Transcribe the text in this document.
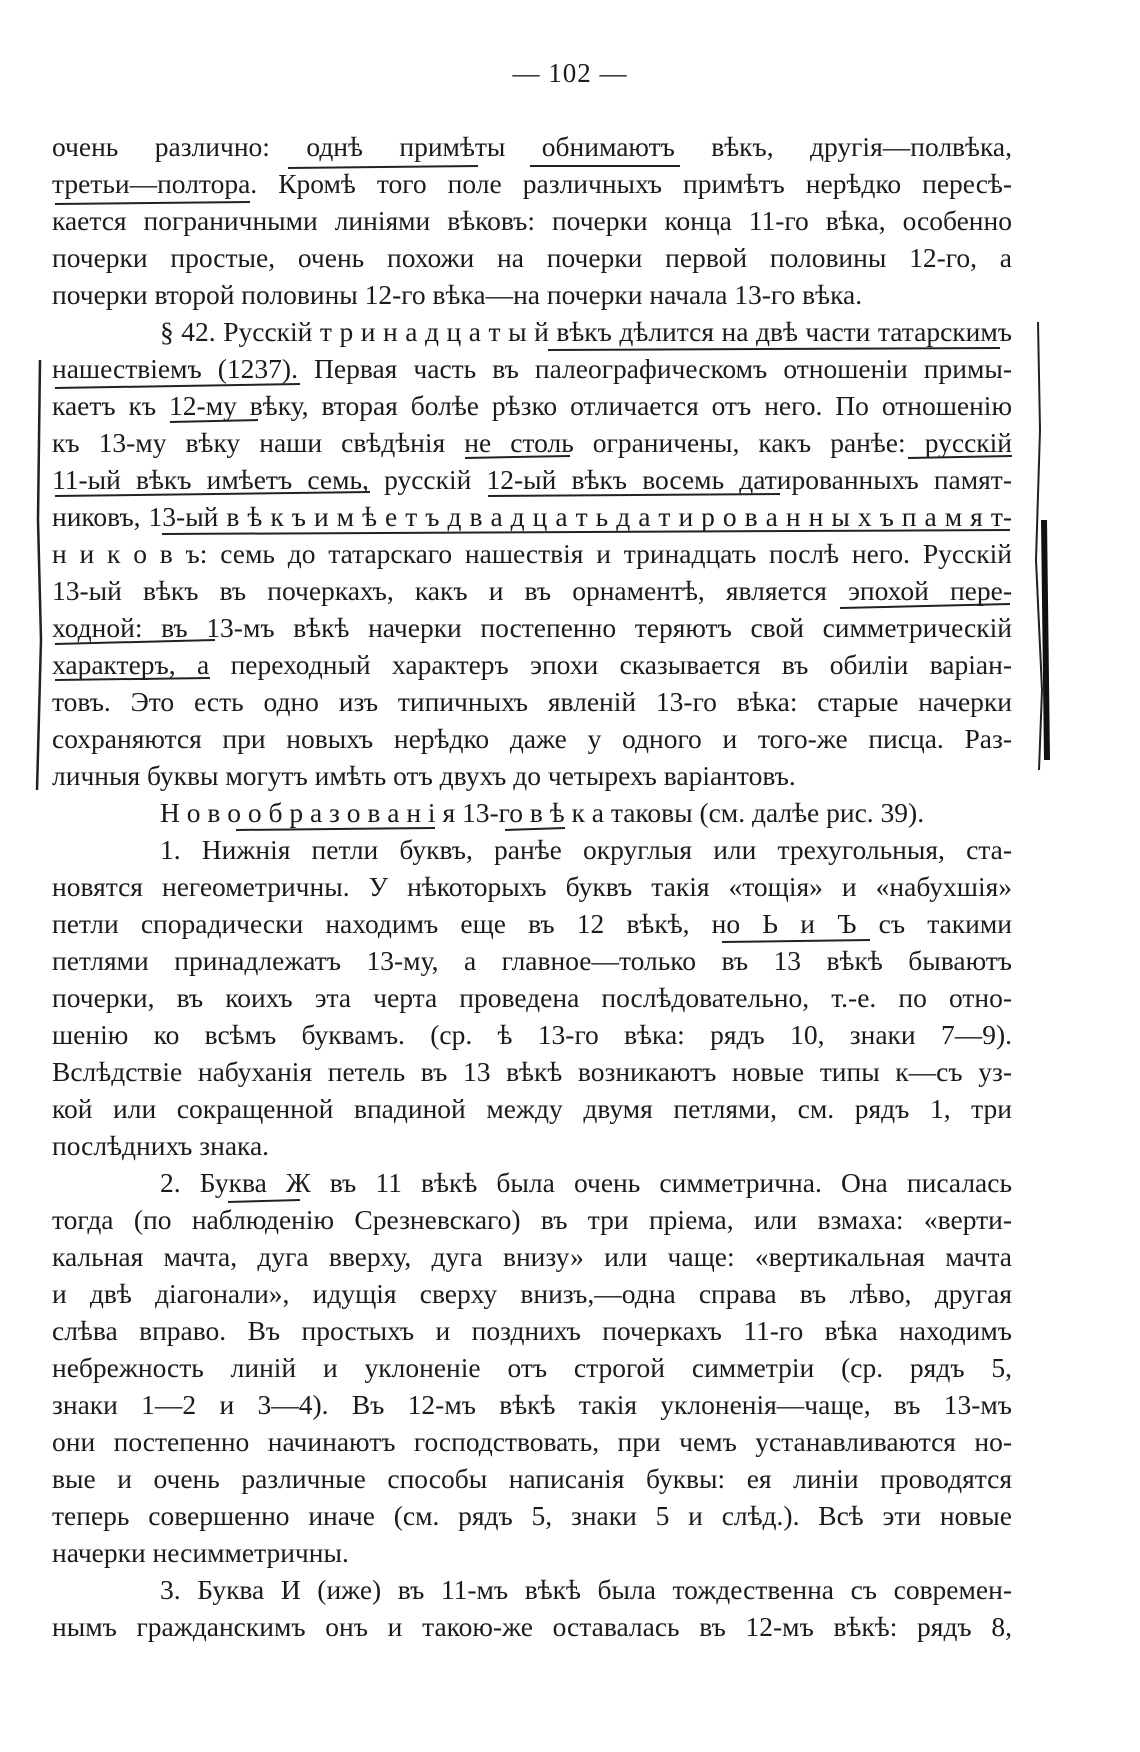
— 102 —
очень различно: однѣ примѣты обнимаютъ вѣкъ, другія—полвѣка,
третьи—полтора. Кромѣ того поле различныхъ примѣтъ нерѣдко пересѣ-
кается пограничными линіями вѣковъ: почерки конца 11-го вѣка, особенно
почерки простые, очень похожи на почерки первой половины 12-го, а
почерки второй половины 12-го вѣка—на почерки начала 13-го вѣка.
§ 42. Русскій т р и н а д ц а т ы й вѣкъ дѣлится на двѣ части татарскимъ
нашествіемъ (1237). Первая часть въ палеографическомъ отношеніи примы-
каетъ къ 12-му вѣку, вторая болѣе рѣзко отличается отъ него. По отношенію
къ 13-му вѣку наши свѣдѣнія не столь ограничены, какъ ранѣе: русскій
11-ый вѣкъ имѣетъ семь, русскій 12-ый вѣкъ восемь датированныхъ памят-
никовъ, 13-ый в ѣ к ъ и м ѣ е т ъ д в а д ц а т ь д а т и р о в а н н ы х ъ п а м я т-
н и к о в ъ: семь до татарскаго нашествія и тринадцать послѣ него. Русскій
13-ый вѣкъ въ почеркахъ, какъ и въ орнаментѣ, является эпохой пере-
ходной: въ 13-мъ вѣкѣ начерки постепенно теряютъ свой симметрическій
характеръ, а переходный характеръ эпохи сказывается въ обиліи варіан-
товъ. Это есть одно изъ типичныхъ явленій 13-го вѣка: старые начерки
сохраняются при новыхъ нерѣдко даже у одного и того-же писца. Раз-
личныя буквы могутъ имѣть отъ двухъ до четырехъ варіантовъ.
Н о в о о б р а з о в а н і я 13-го в ѣ к а таковы (см. далѣе рис. 39).
1. Нижнія петли буквъ, ранѣе округлыя или трехугольныя, ста-
новятся негеометричны. У нѣкоторыхъ буквъ такія «тощія» и «набухшія»
петли спорадически находимъ еще въ 12 вѣкѣ, но Ь и Ъ съ такими
петлями принадлежатъ 13-му, а главное—только въ 13 вѣкѣ бываютъ
почерки, въ коихъ эта черта проведена послѣдовательно, т.-е. по отно-
шенію ко всѣмъ буквамъ. (ср. ѣ 13-го вѣка: рядъ 10, знаки 7—9).
Вслѣдствіе набуханія петель въ 13 вѣкѣ возникаютъ новые типы к—съ уз-
кой или сокращенной впадиной между двумя петлями, см. рядъ 1, три
послѣднихъ знака.
2. Буква Ж въ 11 вѣкѣ была очень симметрична. Она писалась
тогда (по наблюденію Срезневскаго) въ три пріема, или взмаха: «верти-
кальная мачта, дуга вверху, дуга внизу» или чаще: «вертикальная мачта
и двѣ діагонали», идущія сверху внизъ,—одна справа въ лѣво, другая
слѣва вправо. Въ простыхъ и позднихъ почеркахъ 11-го вѣка находимъ
небрежность линій и уклоненіе отъ строгой симметріи (ср. рядъ 5,
знаки 1—2 и 3—4). Въ 12-мъ вѣкѣ такія уклоненія—чаще, въ 13-мъ
они постепенно начинаютъ господствовать, при чемъ устанавливаются но-
вые и очень различные способы написанія буквы: ея линіи проводятся
теперь совершенно иначе (см. рядъ 5, знаки 5 и слѣд.). Всѣ эти новые
начерки несимметричны.
3. Буква И (иже) въ 11-мъ вѣкѣ была тождественна съ современ-
нымъ гражданскимъ онъ и такою-же оставалась въ 12-мъ вѣкѣ: рядъ 8,
